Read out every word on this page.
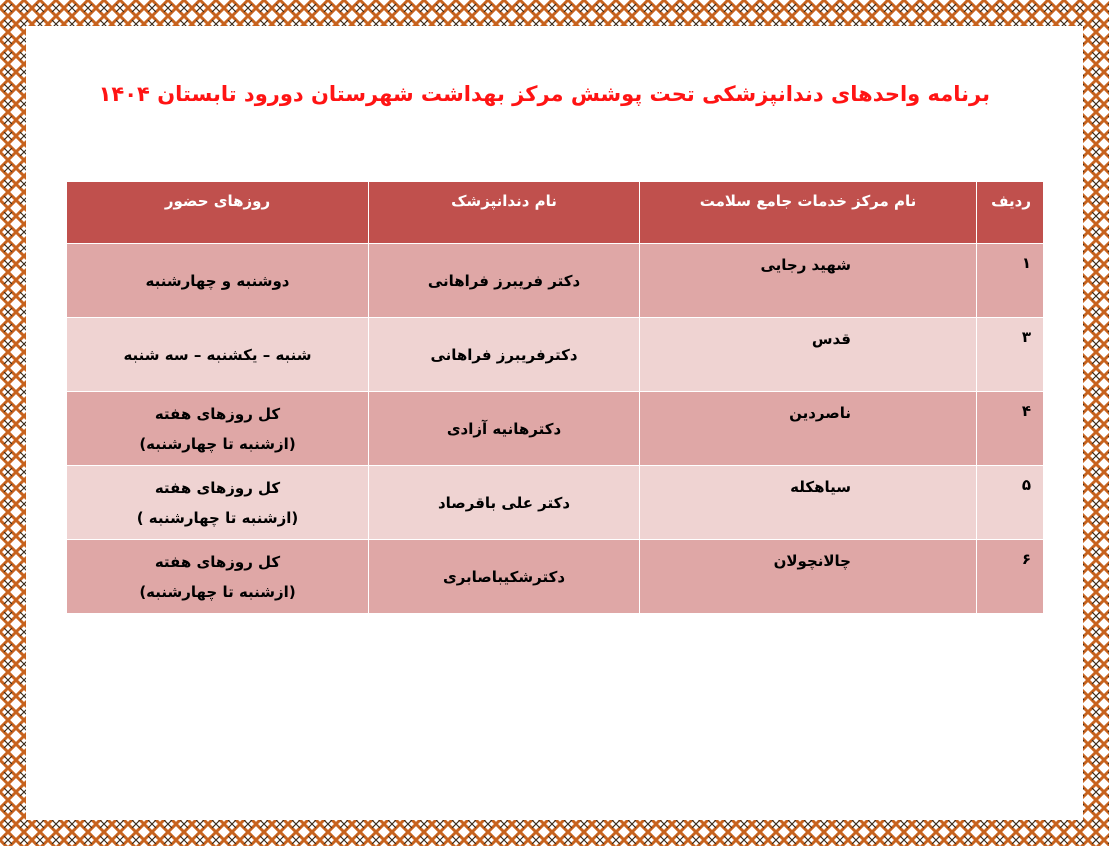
برنامه واحدهای دندانپزشکی تحت پوشش مرکز بهداشت شهرستان دورود تابستان ۱۴۰۴
ردیف	نام مرکز خدمات جامع سلامت	نام دندانپزشک	روزهای حضور
۱	شهید رجایی	دکتر فریبرز فراهانی	دوشنبه و چهارشنبه

۳	قدس	دکترفریبرز فراهانی	شنبه – یکشنبه – سه شنبه

۴	ناصردین	دکترهانیه آزادی	کل روزهای هفته
(ازشنبه تا چهارشنبه)

۵	سیاهکله	دکتر علی باقرصاد	کل روزهای هفته
(ازشنبه تا چهارشنبه )

۶	چالانچولان	دکترشکیباصابری	کل روزهای هفته
(ازشنبه تا چهارشنبه)
